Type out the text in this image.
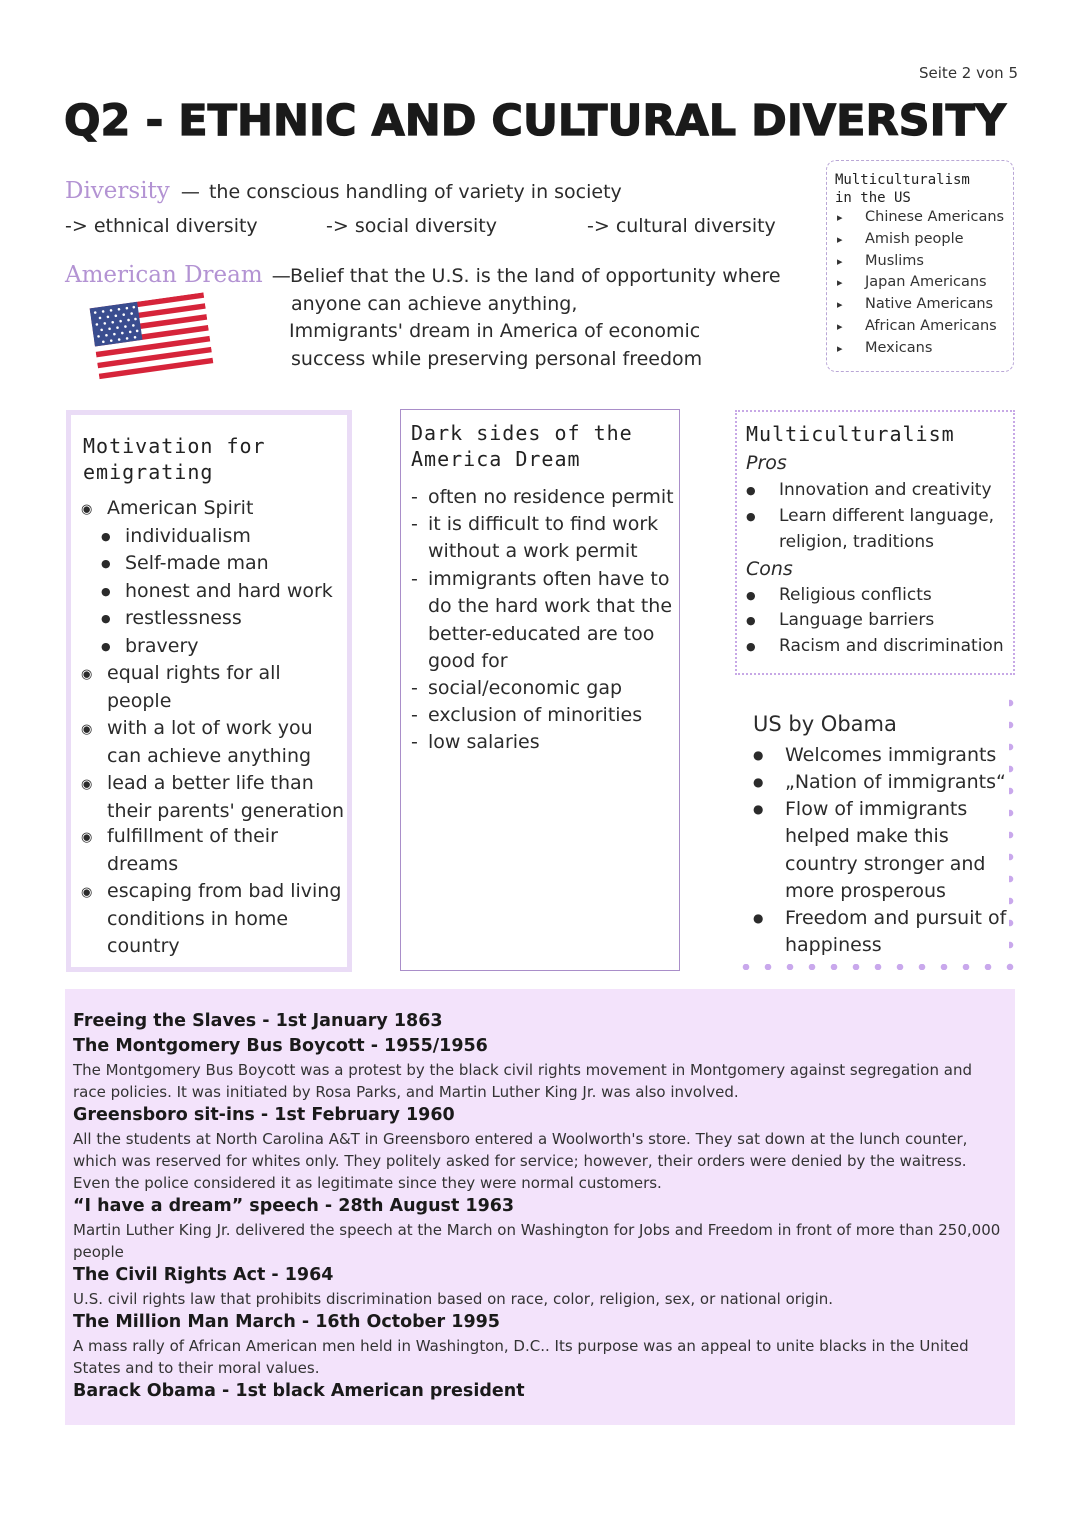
Seite 2 von 5
Q2 - ETHNIC AND CULTURAL DIVERSITY
Diversity — the conscious handling of variety in society
-> ethnical diversity	-> social diversity	-> cultural diversity
American Dream — Belief that the U.S. is the land of opportunity where
anyone can achieve anything,
Immigrants' dream in America of economic
success while preserving personal freedom
Multiculturalism
in the US
▸ Chinese Americans
▸ Amish people
▸ Muslims
▸ Japan Americans
▸ Native Americans
▸ African Americans
▸ Mexicans
Motivation for
emigrating
◉ American Spirit
● individualism
● Self-made man
● honest and hard work
● restlessness
● bravery
◉ equal rights for all
people
◉ with a lot of work you
can achieve anything
◉ lead a better life than
their parents' generation
◉ fulfillment of their
dreams
◉ escaping from bad living
conditions in home
country
Dark sides of the
America Dream
- often no residence permit
- it is difficult to find work
without a work permit
- immigrants often have to
do the hard work that the
better-educated are too
good for
- social/economic gap
- exclusion of minorities
- low salaries
Multiculturalism
Pros
● Innovation and creativity
● Learn different language,
religion, traditions
Cons
● Religious conflicts
● Language barriers
● Racism and discrimination
US by Obama
● Welcomes immigrants
● „Nation of immigrants“
● Flow of immigrants
helped make this
country stronger and
more prosperous
● Freedom and pursuit of
happiness
Freeing the Slaves - 1st January 1863
The Montgomery Bus Boycott - 1955/1956
The Montgomery Bus Boycott was a protest by the black civil rights movement in Montgomery against segregation and race policies. It was initiated by Rosa Parks, and Martin Luther King Jr. was also involved.
Greensboro sit-ins - 1st February 1960
All the students at North Carolina A&T in Greensboro entered a Woolworth's store. They sat down at the lunch counter, which was reserved for whites only. They politely asked for service; however, their orders were denied by the waitress. Even the police considered it as legitimate since they were normal customers.
“I have a dream” speech - 28th August 1963
Martin Luther King Jr. delivered the speech at the March on Washington for Jobs and Freedom in front of more than 250,000 people
The Civil Rights Act - 1964
U.S. civil rights law that prohibits discrimination based on race, color, religion, sex, or national origin.
The Million Man March - 16th October 1995
A mass rally of African American men held in Washington, D.C.. Its purpose was an appeal to unite blacks in the United States and to their moral values.
Barack Obama - 1st black American president
